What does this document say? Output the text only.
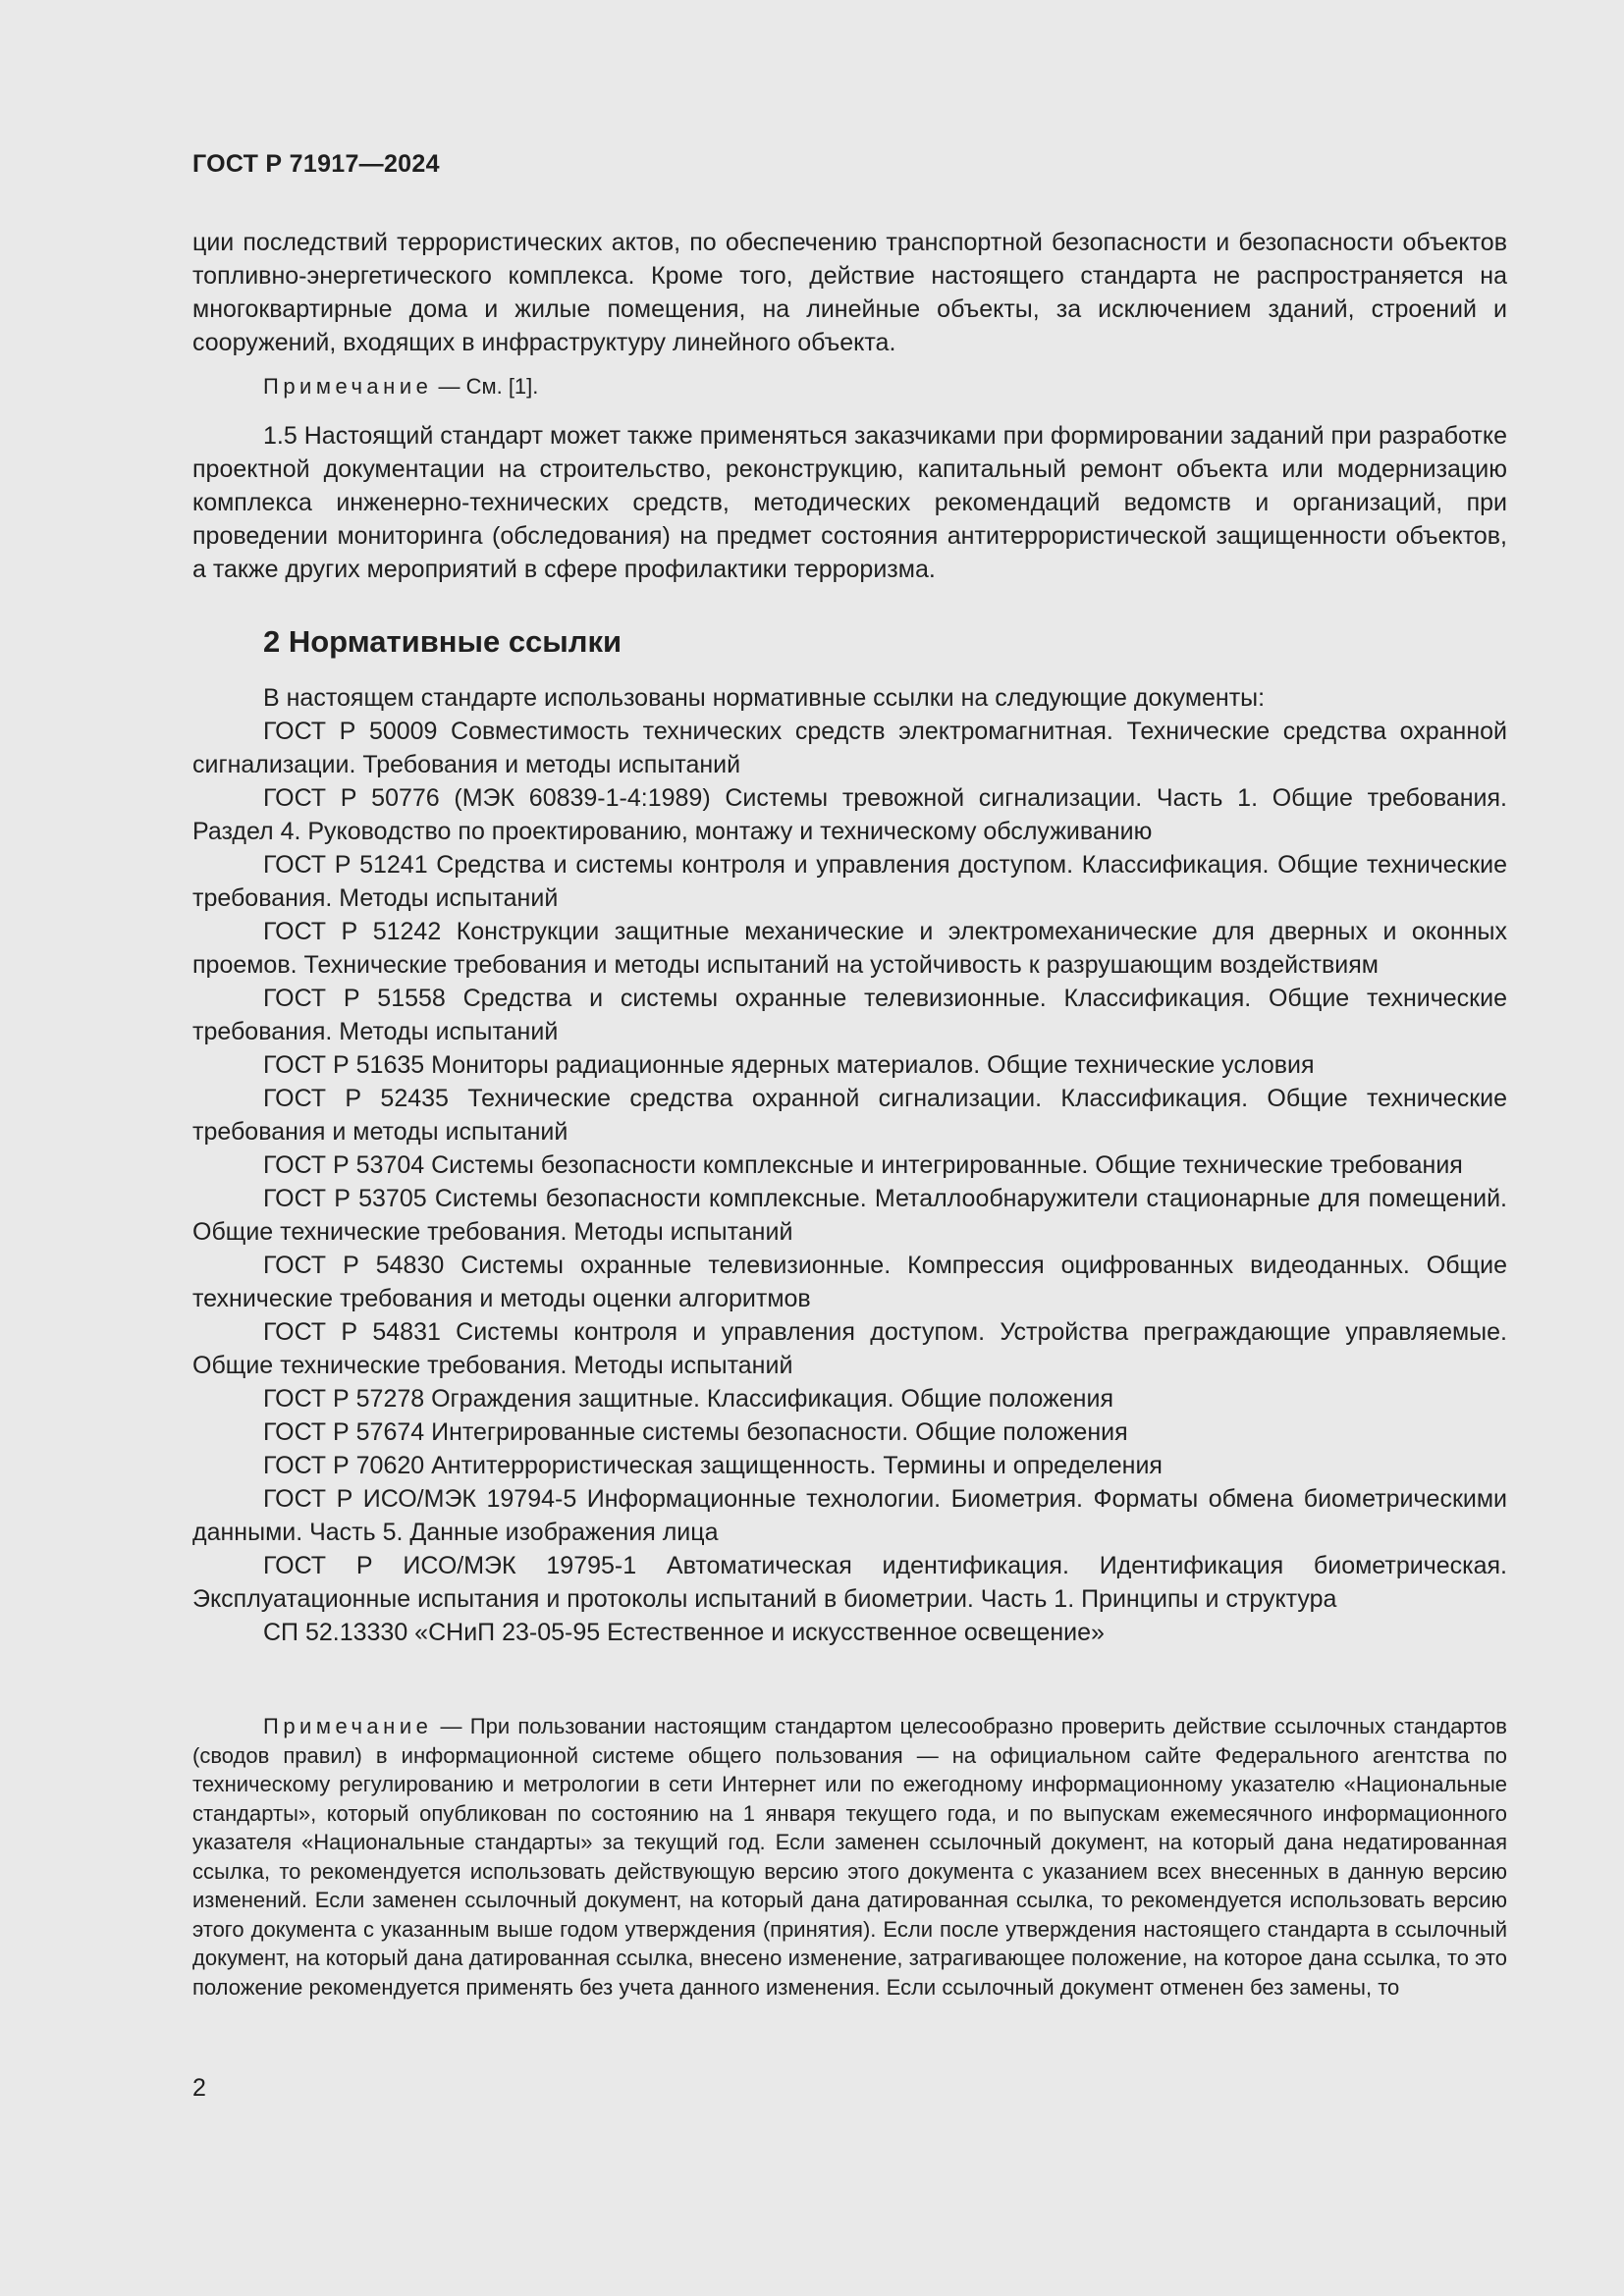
ГОСТ Р 71917—2024

ции последствий террористических актов, по обеспечению транспортной безопасности и безопасности объектов топливно-энергетического комплекса. Кроме того, действие настоящего стандарта не распространяется на многоквартирные дома и жилые помещения, на линейные объекты, за исключением зданий, строений и сооружений, входящих в инфраструктуру линейного объекта.

Примечание — См. [1].

1.5 Настоящий стандарт может также применяться заказчиками при формировании заданий при разработке проектной документации на строительство, реконструкцию, капитальный ремонт объекта или модернизацию комплекса инженерно-технических средств, методических рекомендаций ведомств и организаций, при проведении мониторинга (обследования) на предмет состояния антитеррористической защищенности объектов, а также других мероприятий в сфере профилактики терроризма.

2 Нормативные ссылки

В настоящем стандарте использованы нормативные ссылки на следующие документы:

ГОСТ Р 50009 Совместимость технических средств электромагнитная. Технические средства охранной сигнализации. Требования и методы испытаний

ГОСТ Р 50776 (МЭК 60839-1-4:1989) Системы тревожной сигнализации. Часть 1. Общие требования. Раздел 4. Руководство по проектированию, монтажу и техническому обслуживанию

ГОСТ Р 51241 Средства и системы контроля и управления доступом. Классификация. Общие технические требования. Методы испытаний

ГОСТ Р 51242 Конструкции защитные механические и электромеханические для дверных и оконных проемов. Технические требования и методы испытаний на устойчивость к разрушающим воздействиям

ГОСТ Р 51558 Средства и системы охранные телевизионные. Классификация. Общие технические требования. Методы испытаний

ГОСТ Р 51635 Мониторы радиационные ядерных материалов. Общие технические условия

ГОСТ Р 52435 Технические средства охранной сигнализации. Классификация. Общие технические требования и методы испытаний

ГОСТ Р 53704 Системы безопасности комплексные и интегрированные. Общие технические требования

ГОСТ Р 53705 Системы безопасности комплексные. Металлообнаружители стационарные для помещений. Общие технические требования. Методы испытаний

ГОСТ Р 54830 Системы охранные телевизионные. Компрессия оцифрованных видеоданных. Общие технические требования и методы оценки алгоритмов

ГОСТ Р 54831 Системы контроля и управления доступом. Устройства преграждающие управляемые. Общие технические требования. Методы испытаний

ГОСТ Р 57278 Ограждения защитные. Классификация. Общие положения

ГОСТ Р 57674 Интегрированные системы безопасности. Общие положения

ГОСТ Р 70620 Антитеррористическая защищенность. Термины и определения

ГОСТ Р ИСО/МЭК 19794-5 Информационные технологии. Биометрия. Форматы обмена биометрическими данными. Часть 5. Данные изображения лица

ГОСТ Р ИСО/МЭК 19795-1 Автоматическая идентификация. Идентификация биометрическая. Эксплуатационные испытания и протоколы испытаний в биометрии. Часть 1. Принципы и структура

СП 52.13330 «СНиП 23-05-95 Естественное и искусственное освещение»

Примечание — При пользовании настоящим стандартом целесообразно проверить действие ссылочных стандартов (сводов правил) в информационной системе общего пользования — на официальном сайте Федерального агентства по техническому регулированию и метрологии в сети Интернет или по ежегодному информационному указателю «Национальные стандарты», который опубликован по состоянию на 1 января текущего года, и по выпускам ежемесячного информационного указателя «Национальные стандарты» за текущий год. Если заменен ссылочный документ, на который дана недатированная ссылка, то рекомендуется использовать действующую версию этого документа с указанием всех внесенных в данную версию изменений. Если заменен ссылочный документ, на который дана датированная ссылка, то рекомендуется использовать версию этого документа с указанным выше годом утверждения (принятия). Если после утверждения настоящего стандарта в ссылочный документ, на который дана датированная ссылка, внесено изменение, затрагивающее положение, на которое дана ссылка, то это положение рекомендуется применять без учета данного изменения. Если ссылочный документ отменен без замены, то

2
